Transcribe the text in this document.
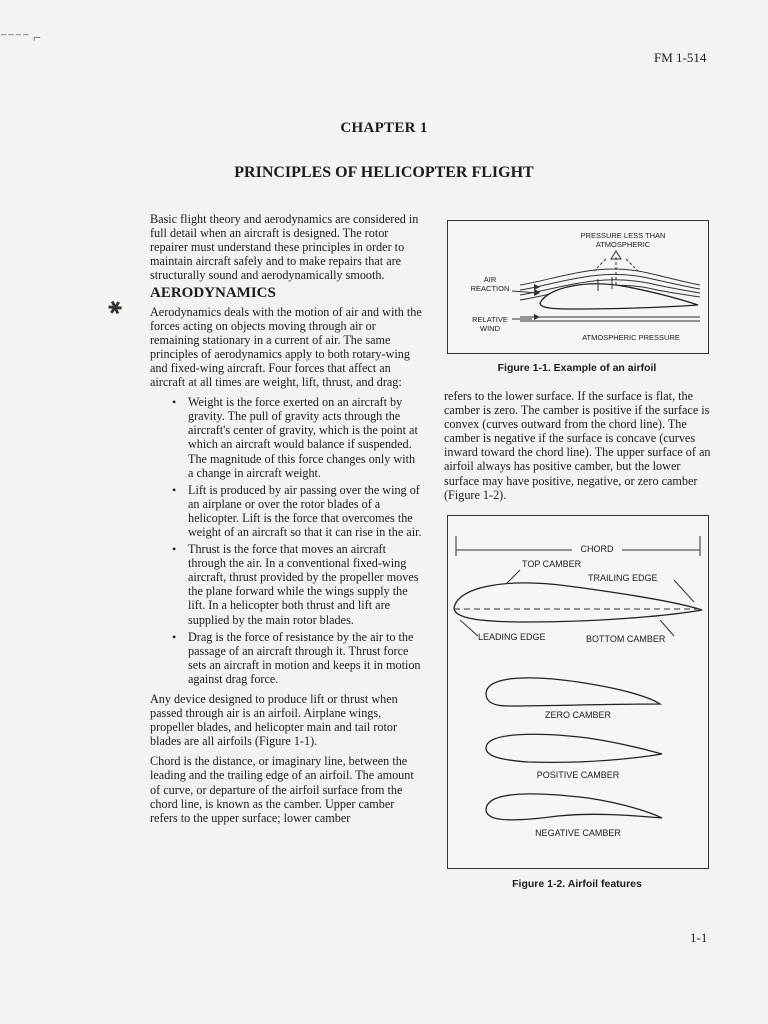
⁻⁻⁻⁻ ⌐
✱
FM 1-514
CHAPTER 1
PRINCIPLES OF HELICOPTER FLIGHT

Basic flight theory and aerodynamics are considered in full detail when an aircraft is designed. The rotor repairer must understand these principles in order to maintain aircraft safely and to make repairs that are structurally sound and aerodynamically smooth.

AERODYNAMICS

Aerodynamics deals with the motion of air and with the forces acting on objects moving through air or remaining stationary in a current of air. The same principles of aerodynamics apply to both rotary-wing and fixed-wing aircraft. Four forces that affect an aircraft at all times are weight, lift, thrust, and drag:

• Weight is the force exerted on an aircraft by gravity. The pull of gravity acts through the aircraft's center of gravity, which is the point at which an aircraft would balance if suspended. The magnitude of this force changes only with a change in aircraft weight.
• Lift is produced by air passing over the wing of an airplane or over the rotor blades of a helicopter. Lift is the force that overcomes the weight of an aircraft so that it can rise in the air.
• Thrust is the force that moves an aircraft through the air. In a conventional fixed-wing aircraft, thrust provided by the propeller moves the plane forward while the wings supply the lift. In a helicopter both thrust and lift are supplied by the main rotor blades.
• Drag is the force of resistance by the air to the passage of an aircraft through it. Thrust force sets an aircraft in motion and keeps it in motion against drag force.

Any device designed to produce lift or thrust when passed through air is an airfoil. Airplane wings, propeller blades, and helicopter main and tail rotor blades are all airfoils (Figure 1-1).

Chord is the distance, or imaginary line, between the leading and the trailing edge of an airfoil. The amount of curve, or departure of the airfoil surface from the chord line, is known as the camber. Upper camber refers to the upper surface; lower camber

PRESSURE LESS THAN ATMOSPHERIC
AIR REACTION
RELATIVE WIND
ATMOSPHERIC PRESSURE
Figure 1-1. Example of an airfoil

refers to the lower surface. If the surface is flat, the camber is zero. The camber is positive if the surface is convex (curves outward from the chord line). The camber is negative if the surface is concave (curves inward toward the chord line). The upper surface of an airfoil always has positive camber, but the lower surface may have positive, negative, or zero camber (Figure 1-2).

CHORD
TOP CAMBER
TRAILING EDGE
LEADING EDGE	BOTTOM CAMBER
ZERO CAMBER
POSITIVE CAMBER
NEGATIVE CAMBER
Figure 1-2. Airfoil features
1-1
